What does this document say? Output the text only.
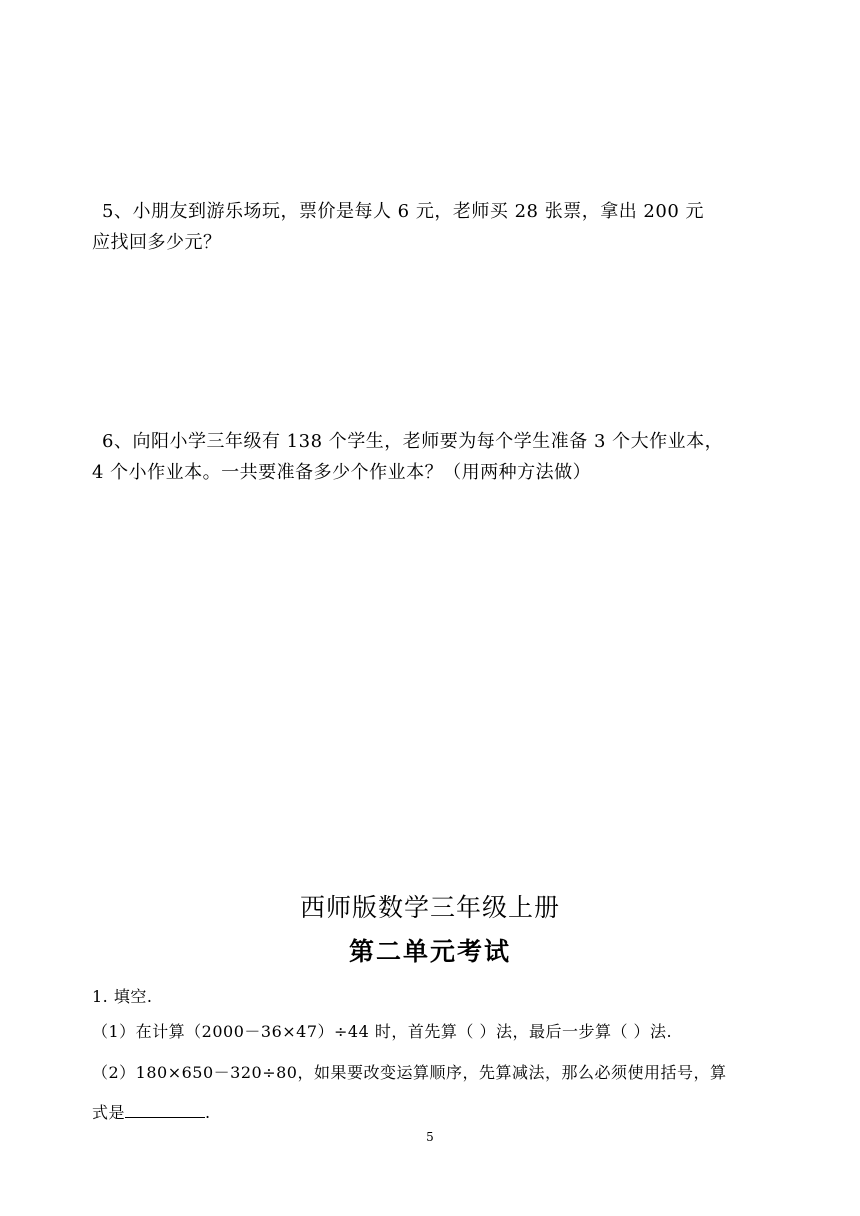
5、小朋友到游乐场玩，票价是每人 6 元，老师买 28 张票，拿出 200 元
应找回多少元？
6、向阳小学三年级有 138 个学生，老师要为每个学生准备 3 个大作业本，
4 个小作业本。一共要准备多少个作业本？（用两种方法做）
西师版数学三年级上册
第二单元考试
1. 填空.
（1）在计算（2000－36×47）÷44 时，首先算（ ）法，最后一步算（ ）法.
（2）180×650－320÷80，如果要改变运算顺序，先算减法，那么必须使用括号，算
式是	.
5
